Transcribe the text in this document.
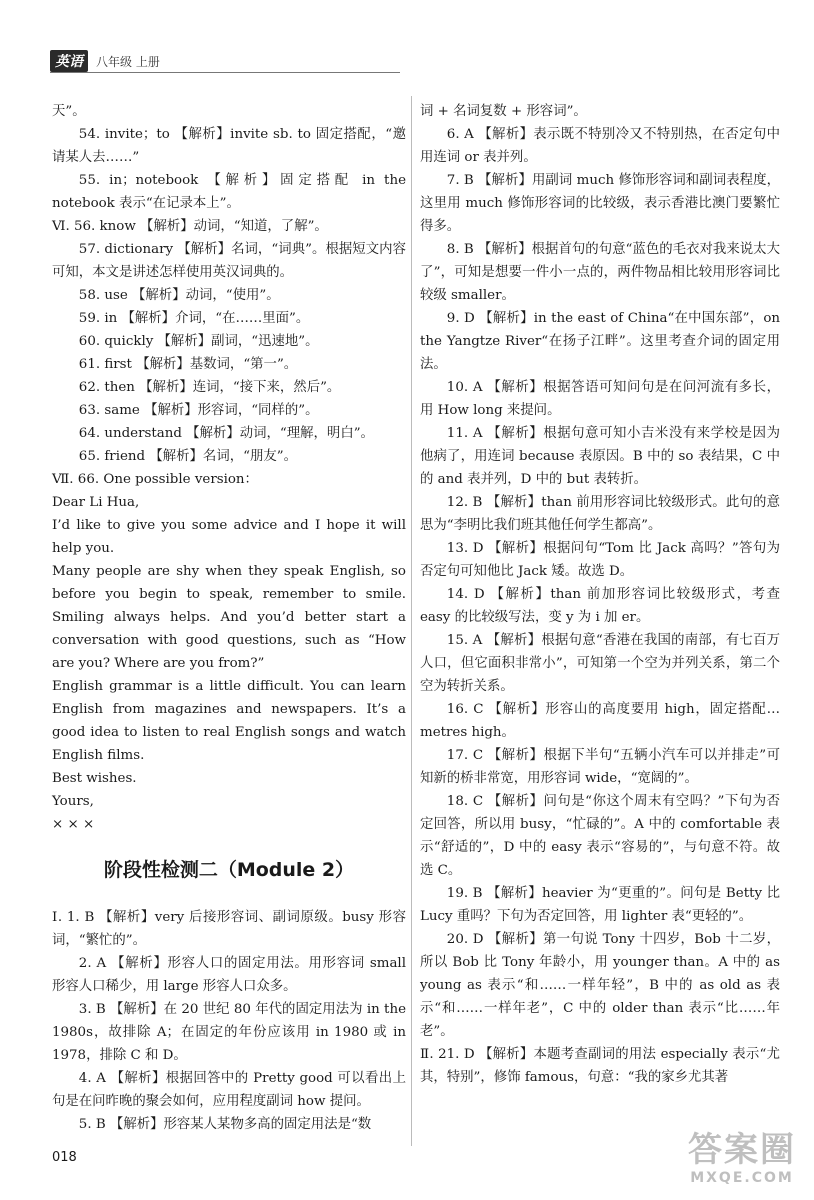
英语	八年级 上册

天”。

54. invite；to 【解析】invite sb. to 固定搭配，“邀请某人去……”

55. in；notebook 【解析】固定搭配 in the notebook 表示“在记录本上”。

Ⅵ. 56. know 【解析】动词，“知道，了解”。

57. dictionary 【解析】名词，“词典”。根据短文内容可知，本文是讲述怎样使用英汉词典的。

58. use 【解析】动词，“使用”。

59. in 【解析】介词，“在……里面”。

60. quickly 【解析】副词，“迅速地”。

61. first 【解析】基数词，“第一”。

62. then 【解析】连词，“接下来，然后”。

63. same 【解析】形容词，“同样的”。

64. understand 【解析】动词，“理解，明白”。

65. friend 【解析】名词，“朋友”。

Ⅶ. 66. One possible version：

Dear Li Hua,

I’d like to give you some advice and I hope it will help you.

Many people are shy when they speak English, so before you begin to speak, remember to smile. Smiling always helps. And you’d better start a conversation with good questions, such as “How are you? Where are you from?”

English grammar is a little difficult. You can learn English from magazines and newspapers. It’s a good idea to listen to real English songs and watch English films.

Best wishes.

Yours,

× × ×

阶段性检测二（Module 2）

Ⅰ. 1. B 【解析】very 后接形容词、副词原级。busy 形容词，“繁忙的”。

2. A 【解析】形容人口的固定用法。用形容词 small 形容人口稀少，用 large 形容人口众多。

3. B 【解析】在 20 世纪 80 年代的固定用法为 in the 1980s，故排除 A；在固定的年份应该用 in 1980 或 in 1978，排除 C 和 D。

4. A 【解析】根据回答中的 Pretty good 可以看出上句是在问昨晚的聚会如何，应用程度副词 how 提问。

5. B 【解析】形容某人某物多高的固定用法是“数

词 + 名词复数 + 形容词”。

6. A 【解析】表示既不特别冷又不特别热，在否定句中用连词 or 表并列。

7. B 【解析】用副词 much 修饰形容词和副词表程度，这里用 much 修饰形容词的比较级，表示香港比澳门要繁忙得多。

8. B 【解析】根据首句的句意“蓝色的毛衣对我来说太大了”，可知是想要一件小一点的，两件物品相比较用形容词比较级 smaller。

9. D 【解析】in the east of China“在中国东部”，on the Yangtze River“在扬子江畔”。这里考查介词的固定用法。

10. A 【解析】根据答语可知问句是在问河流有多长，用 How long 来提问。

11. A 【解析】根据句意可知小吉米没有来学校是因为他病了，用连词 because 表原因。B 中的 so 表结果，C 中的 and 表并列，D 中的 but 表转折。

12. B 【解析】than 前用形容词比较级形式。此句的意思为“李明比我们班其他任何学生都高”。

13. D 【解析】根据问句“Tom 比 Jack 高吗？”答句为否定句可知他比 Jack 矮。故选 D。

14. D 【解析】than 前加形容词比较级形式，考查 easy 的比较级写法，变 y 为 i 加 er。

15. A 【解析】根据句意“香港在我国的南部，有七百万人口，但它面积非常小”，可知第一个空为并列关系，第二个空为转折关系。

16. C 【解析】形容山的高度要用 high，固定搭配… metres high。

17. C 【解析】根据下半句“五辆小汽车可以并排走”可知新的桥非常宽，用形容词 wide，“宽阔的”。

18. C 【解析】问句是“你这个周末有空吗？”下句为否定回答，所以用 busy，“忙碌的”。A 中的 comfortable 表示“舒适的”，D 中的 easy 表示“容易的”，与句意不符。故选 C。

19. B 【解析】heavier 为“更重的”。问句是 Betty 比 Lucy 重吗？下句为否定回答，用 lighter 表“更轻的”。

20. D 【解析】第一句说 Tony 十四岁，Bob 十二岁，所以 Bob 比 Tony 年龄小，用 younger than。A 中的 as young as 表示“和……一样年轻”，B 中的 as old as 表示“和……一样年老”，C 中的 older than 表示“比……年老”。

Ⅱ. 21. D 【解析】本题考查副词的用法 especially 表示“尤其，特别”，修饰 famous，句意：“我的家乡尤其著

018	答案圈
MXQE.COM
